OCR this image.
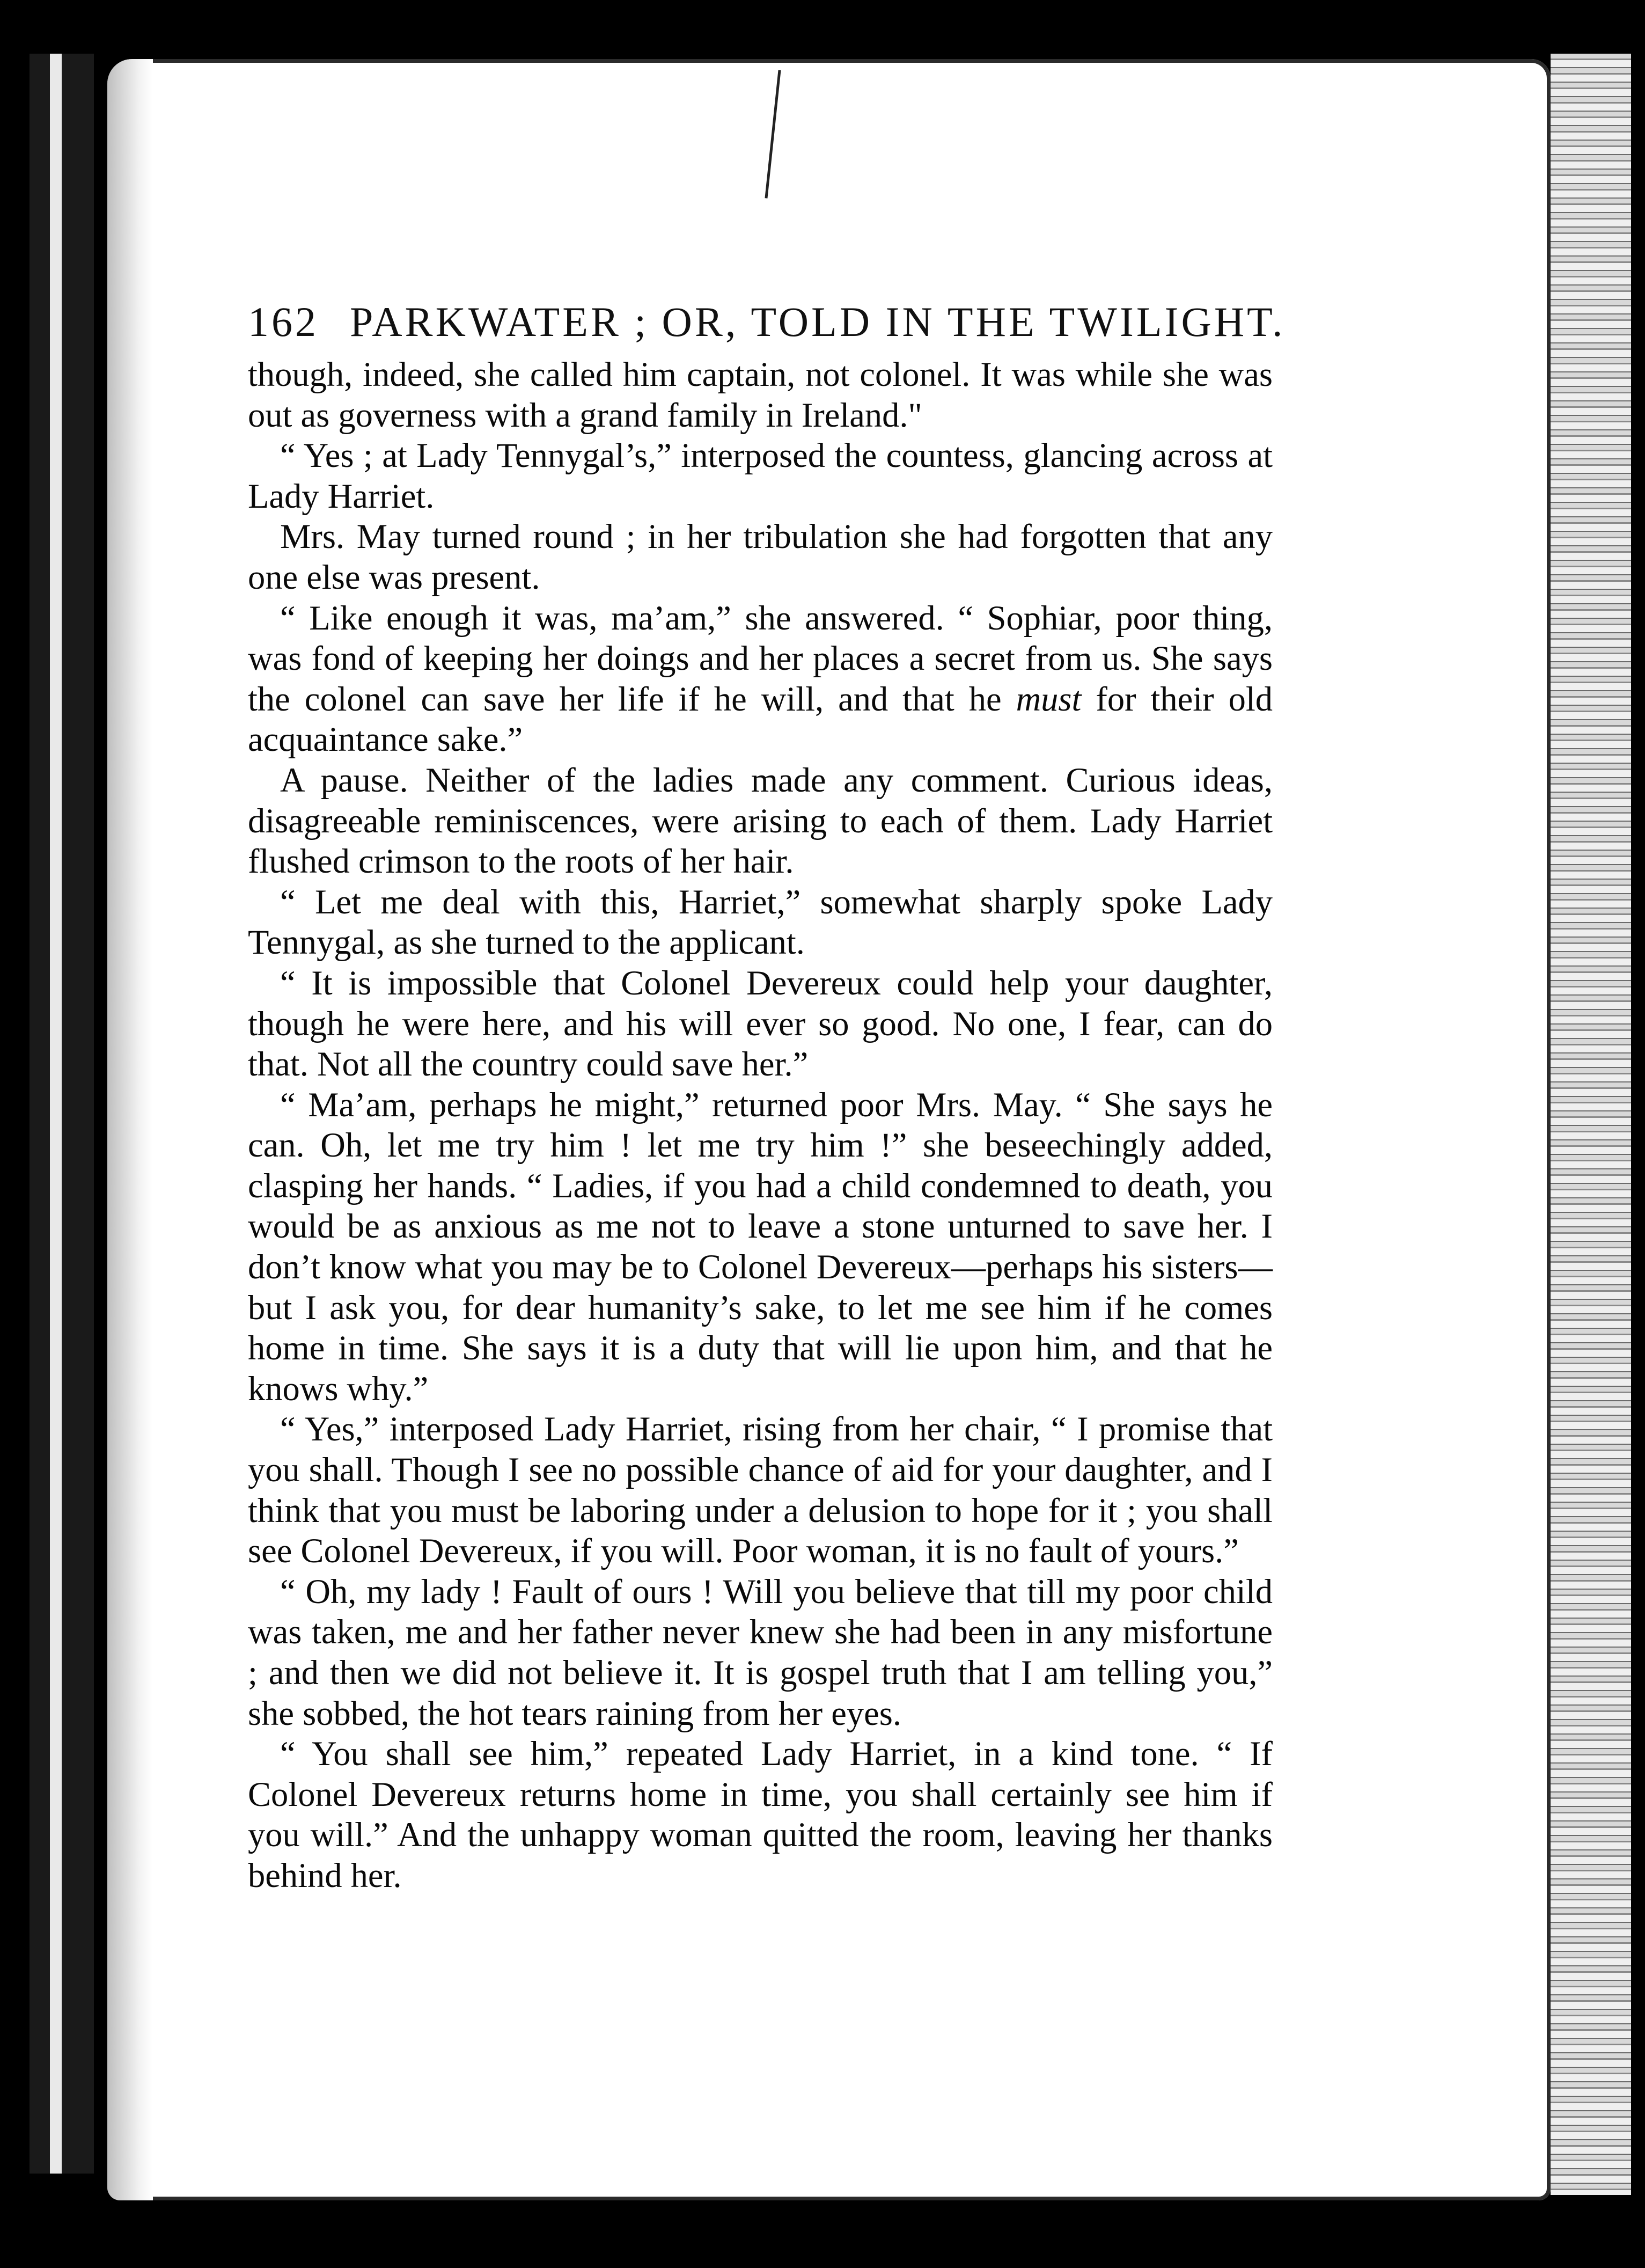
162 PARKWATER ; OR, TOLD IN THE TWILIGHT.

though, indeed, she called him captain, not colonel. It was while she was out as governess with a grand family in Ireland."

“ Yes ; at Lady Tennygal’s,” interposed the countess, glancing across at Lady Harriet.

Mrs. May turned round ; in her tribulation she had forgotten that any one else was present.

“ Like enough it was, ma’am,” she answered. “ Sophiar, poor thing, was fond of keeping her doings and her places a secret from us. She says the colonel can save her life if he will, and that he must for their old acquaintance sake.”

A pause. Neither of the ladies made any comment. Curious ideas, disagreeable reminiscences, were arising to each of them. Lady Harriet flushed crimson to the roots of her hair.

“ Let me deal with this, Harriet,” somewhat sharply spoke Lady Tennygal, as she turned to the applicant.

“ It is impossible that Colonel Devereux could help your daughter, though he were here, and his will ever so good. No one, I fear, can do that. Not all the country could save her.”

“ Ma’am, perhaps he might,” returned poor Mrs. May. “ She says he can. Oh, let me try him ! let me try him !” she beseechingly added, clasping her hands. “ Ladies, if you had a child condemned to death, you would be as anxious as me not to leave a stone unturned to save her. I don’t know what you may be to Colonel Devereux—perhaps his sisters—but I ask you, for dear humanity’s sake, to let me see him if he comes home in time. She says it is a duty that will lie upon him, and that he knows why.”

“ Yes,” interposed Lady Harriet, rising from her chair, “ I promise that you shall. Though I see no possible chance of aid for your daughter, and I think that you must be laboring under a delusion to hope for it ; you shall see Colonel Devereux, if you will. Poor woman, it is no fault of yours.”

“ Oh, my lady ! Fault of ours ! Will you believe that till my poor child was taken, me and her father never knew she had been in any misfortune ; and then we did not believe it. It is gospel truth that I am telling you,” she sobbed, the hot tears raining from her eyes.

“ You shall see him,” repeated Lady Harriet, in a kind tone. “ If Colonel Devereux returns home in time, you shall certainly see him if you will.” And the unhappy woman quitted the room, leaving her thanks behind her.
